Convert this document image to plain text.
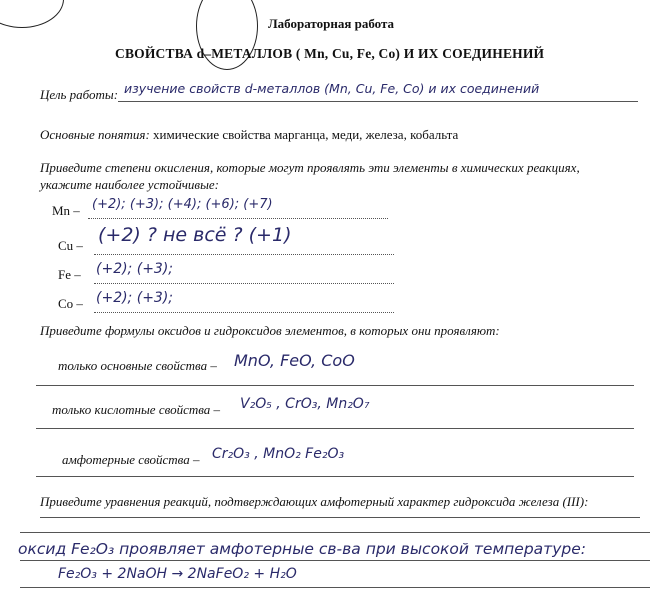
Лабораторная работа
СВОЙСТВА d–МЕТАЛЛОВ ( Mn, Cu, Fe, Co) И ИХ СОЕДИНЕНИЙ
Цель работы: изучение свойств d-металлов (Mn, Cu, Fe, Co) и их соединений
Основные понятия: химические свойства марганца, меди, железа, кобальта
Приведите степени окисления, которые могут проявлять эти элементы в химических реакциях,
укажите наиболее устойчивые:
Mn – (+2); (+3); (+4); (+6); (+7)
Cu – (+2) ? не всё ? (+1)
Fe – (+2); (+3);
Co – (+2); (+3);
Приведите формулы оксидов и гидроксидов элементов, в которых они проявляют:
только основные свойства – MnO, FeO, CoO
только кислотные свойства – V₂O₅ , CrO₃, Mn₂O₇
амфотерные свойства – Cr₂O₃ , MnO₂ Fe₂O₃
Приведите уравнения реакций, подтверждающих амфотерный характер гидроксида железа (III):
оксид Fe₂O₃ проявляет амфотерные св-ва при высокой температуре:
Fe₂O₃ + 2NaOH → 2NaFeO₂ + H₂O
